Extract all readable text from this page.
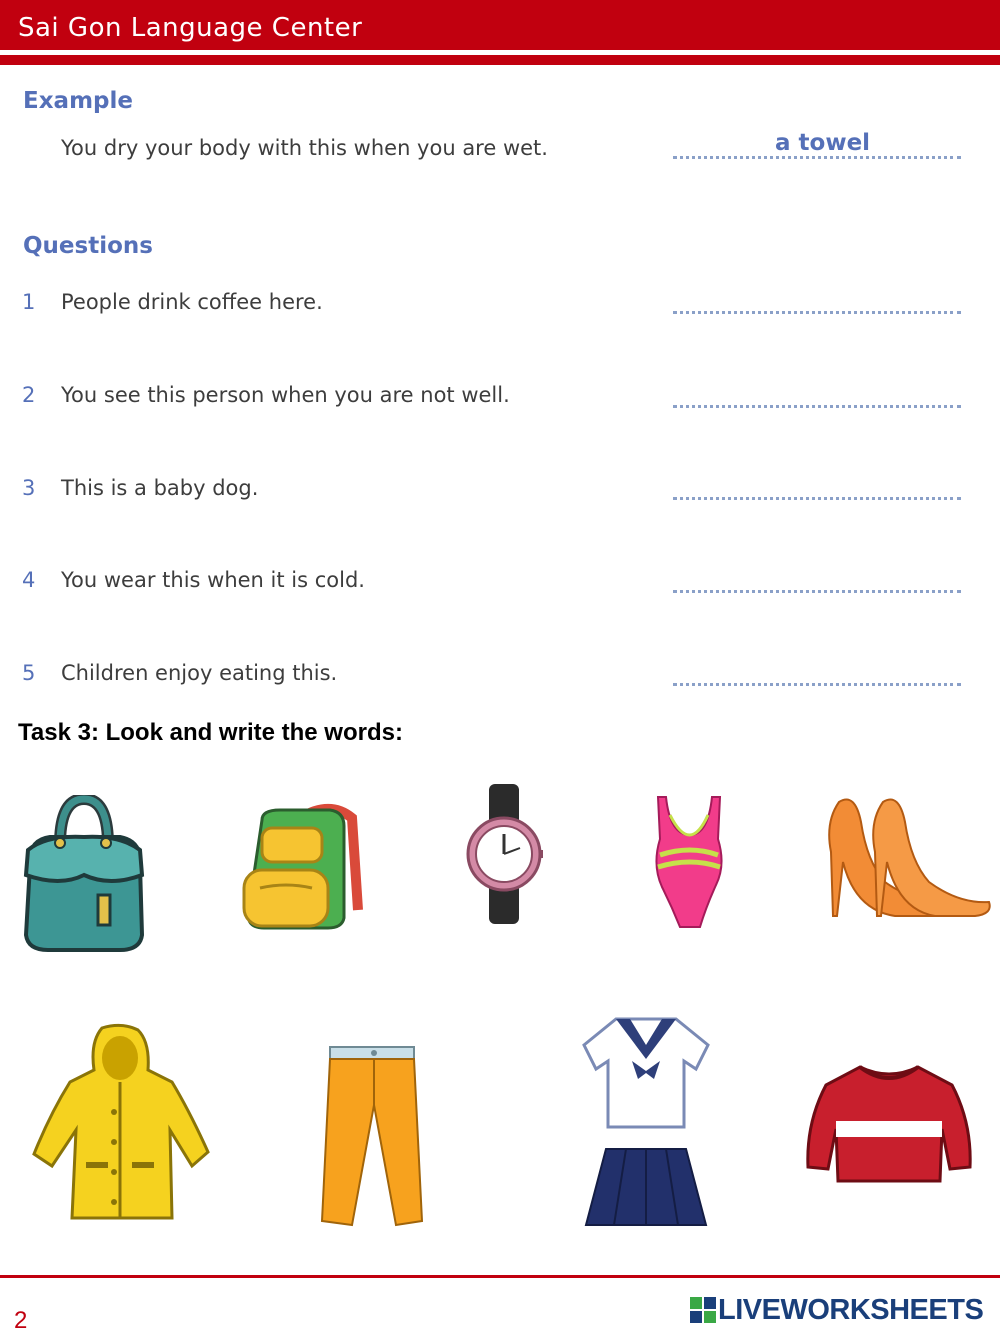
Sai Gon Language Center
Example
You dry your body with this when you are wet.	a towel
Questions
1 People drink coffee here.
2 You see this person when you are not well.
3 This is a baby dog.
4 You wear this when it is cold.
5 Children enjoy eating this.
Task 3: Look and write the words:
2	LIVEWORKSHEETS
